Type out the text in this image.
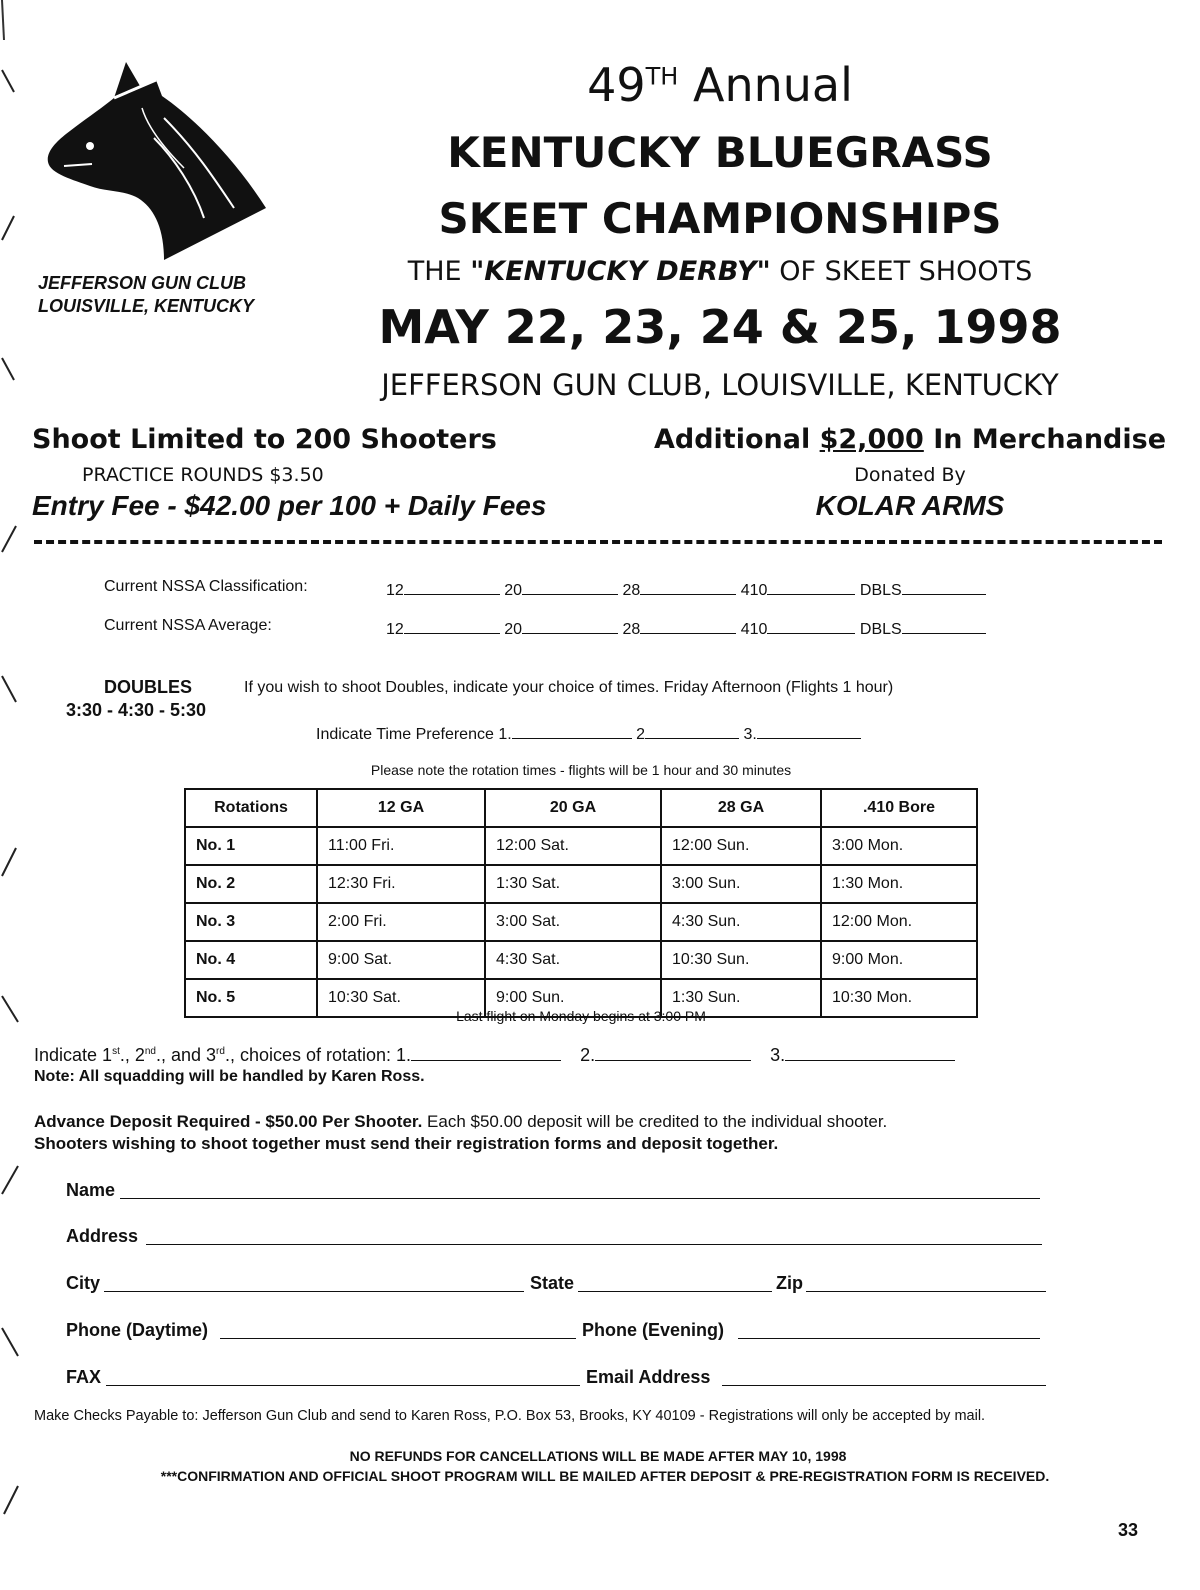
JEFFERSON GUN CLUB
LOUISVILLE, KENTUCKY
49TH Annual
KENTUCKY BLUEGRASS
SKEET CHAMPIONSHIPS
THE "KENTUCKY DERBY" OF SKEET SHOOTS
MAY 22, 23, 24 & 25, 1998
JEFFERSON GUN CLUB, LOUISVILLE, KENTUCKY
Shoot Limited to 200 Shooters
PRACTICE ROUNDS $3.50
Entry Fee - $42.00 per 100 + Daily Fees
Additional $2,000 In Merchandise
Donated By
KOLAR ARMS
Current NSSA Classification:
Current NSSA Average:
12	20	28	410	DBLS
12	20	28	410	DBLS
DOUBLES
3:30 - 4:30 - 5:30
If you wish to shoot Doubles, indicate your choice of times. Friday Afternoon (Flights 1 hour)
Indicate Time Preference 1.	2	3.
Please note the rotation times - flights will be 1 hour and 30 minutes
Rotations	12 GA	20 GA	28 GA	.410 Bore
No. 1	11:00 Fri.	12:00 Sat.	12:00 Sun.	3:00 Mon.
No. 2	12:30 Fri.	1:30 Sat.	3:00 Sun.	1:30 Mon.
No. 3	2:00 Fri.	3:00 Sat.	4:30 Sun.	12:00 Mon.
No. 4	9:00 Sat.	4:30 Sat.	10:30 Sun.	9:00 Mon.
No. 5	10:30 Sat.	9:00 Sun.	1:30 Sun.	10:30 Mon.
Last flight on Monday begins at 3:00 PM
Indicate 1st., 2nd., and 3rd., choices of rotation: 1.	2.	3.
Note: All squadding will be handled by Karen Ross.
Advance Deposit Required - $50.00 Per Shooter. Each $50.00 deposit will be credited to the individual shooter.
Shooters wishing to shoot together must send their registration forms and deposit together.
Name
Address
City	State	Zip
Phone (Daytime)	Phone (Evening)
FAX	Email Address
Make Checks Payable to: Jefferson Gun Club and send to Karen Ross, P.O. Box 53, Brooks, KY 40109 - Registrations will only be accepted by mail.
NO REFUNDS FOR CANCELLATIONS WILL BE MADE AFTER MAY 10, 1998
***CONFIRMATION AND OFFICIAL SHOOT PROGRAM WILL BE MAILED AFTER DEPOSIT & PRE-REGISTRATION FORM IS RECEIVED.
33
